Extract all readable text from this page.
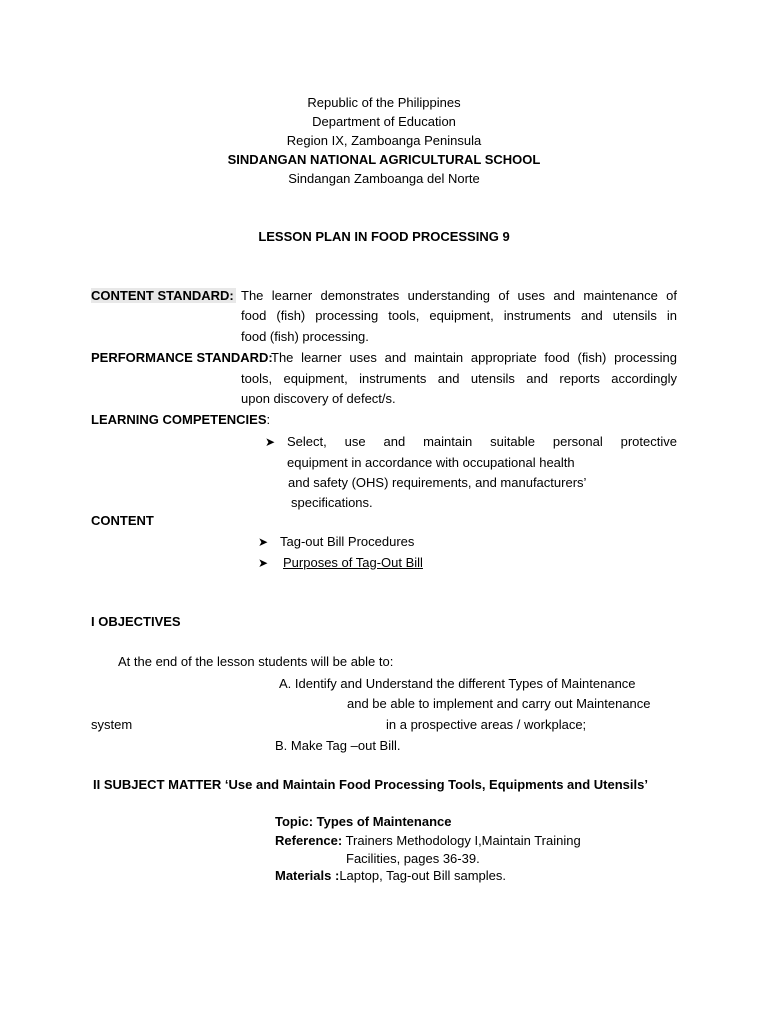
Republic of the Philippines
Department of Education
Region IX, Zamboanga Peninsula
SINDANGAN NATIONAL AGRICULTURAL SCHOOL
Sindangan Zamboanga del Norte
LESSON PLAN IN FOOD PROCESSING 9
CONTENT STANDARD: The learner demonstrates understanding of uses and maintenance of
food (fish) processing tools, equipment, instruments and utensils in
food (fish) processing.
PERFORMANCE STANDARD:
The learner uses and maintain appropriate food (fish) processing
tools, equipment, instruments and utensils and reports accordingly
upon discovery of defect/s.
LEARNING COMPETENCIES:
➤ Select, use and maintain suitable personal protective
equipment in accordance with occupational health
and safety (OHS) requirements, and manufacturers’
specifications.
CONTENT
➤ Tag-out Bill Procedures
➤ Purposes of Tag-Out Bill
I OBJECTIVES
At the end of the lesson students will be able to:
A. Identify and Understand the different Types of Maintenance
and be able to implement and carry out Maintenance
system	in a prospective areas / workplace;
B. Make Tag –out Bill.
II SUBJECT MATTER ‘Use and Maintain Food Processing Tools, Equipments and Utensils’
Topic: Types of Maintenance
Reference: Trainers Methodology I,Maintain Training
Facilities, pages 36-39.
Materials :Laptop, Tag-out Bill samples.
